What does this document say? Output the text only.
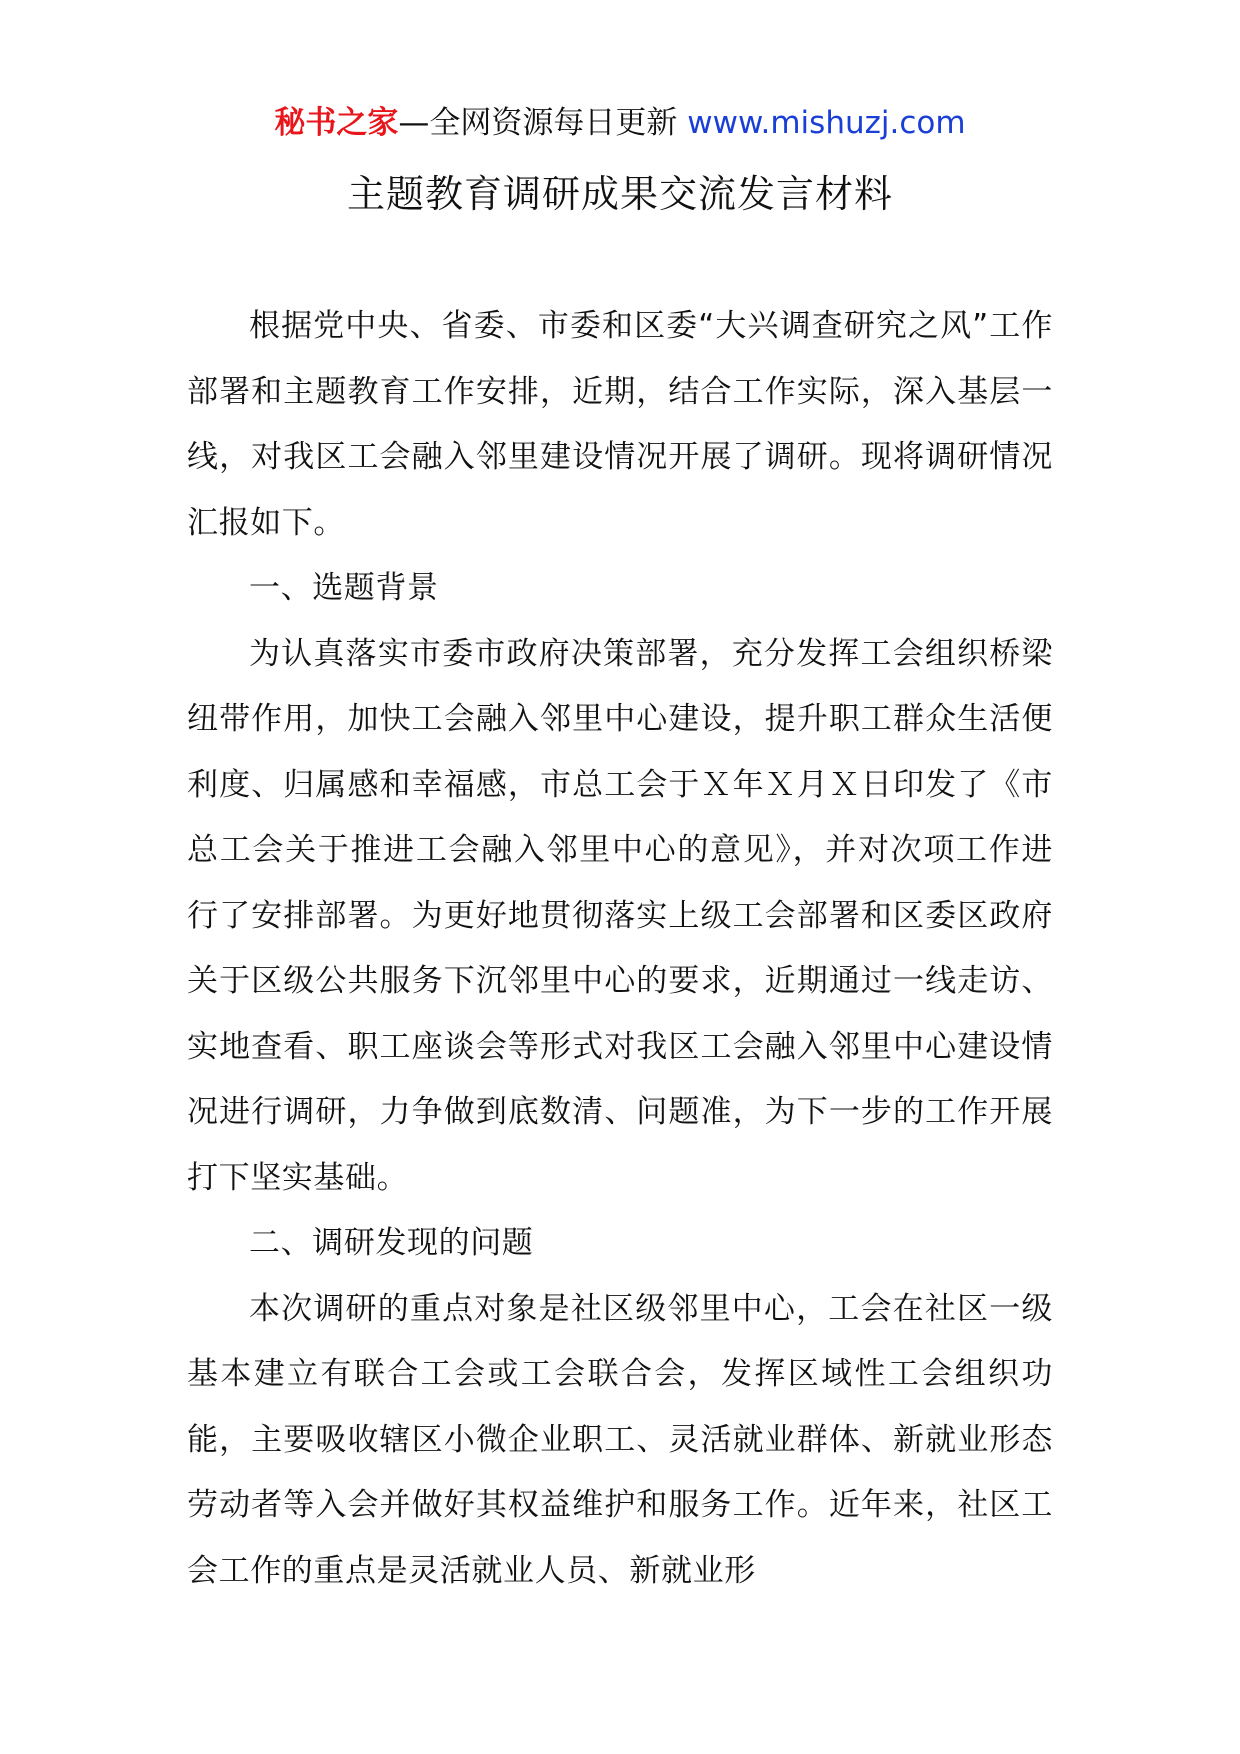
秘书之家—全网资源每日更新 www.mishuzj.com
主题教育调研成果交流发言材料

根据党中央、省委、市委和区委“大兴调查研究之风”工作部署和主题教育工作安排，近期，结合工作实际，深入基层一线，对我区工会融入邻里建设情况开展了调研。现将调研情况汇报如下。

一、选题背景

为认真落实市委市政府决策部署，充分发挥工会组织桥梁纽带作用，加快工会融入邻里中心建设，提升职工群众生活便利度、归属感和幸福感，市总工会于Ｘ年Ｘ月Ｘ日印发了《市总工会关于推进工会融入邻里中心的意见》，并对次项工作进行了安排部署。为更好地贯彻落实上级工会部署和区委区政府关于区级公共服务下沉邻里中心的要求，近期通过一线走访、实地查看、职工座谈会等形式对我区工会融入邻里中心建设情况进行调研，力争做到底数清、问题准，为下一步的工作开展打下坚实基础。

二、调研发现的问题

本次调研的重点对象是社区级邻里中心，工会在社区一级基本建立有联合工会或工会联合会，发挥区域性工会组织功能，主要吸收辖区小微企业职工、灵活就业群体、新就业形态劳动者等入会并做好其权益维护和服务工作。近年来，社区工会工作的重点是灵活就业人员、新就业形
